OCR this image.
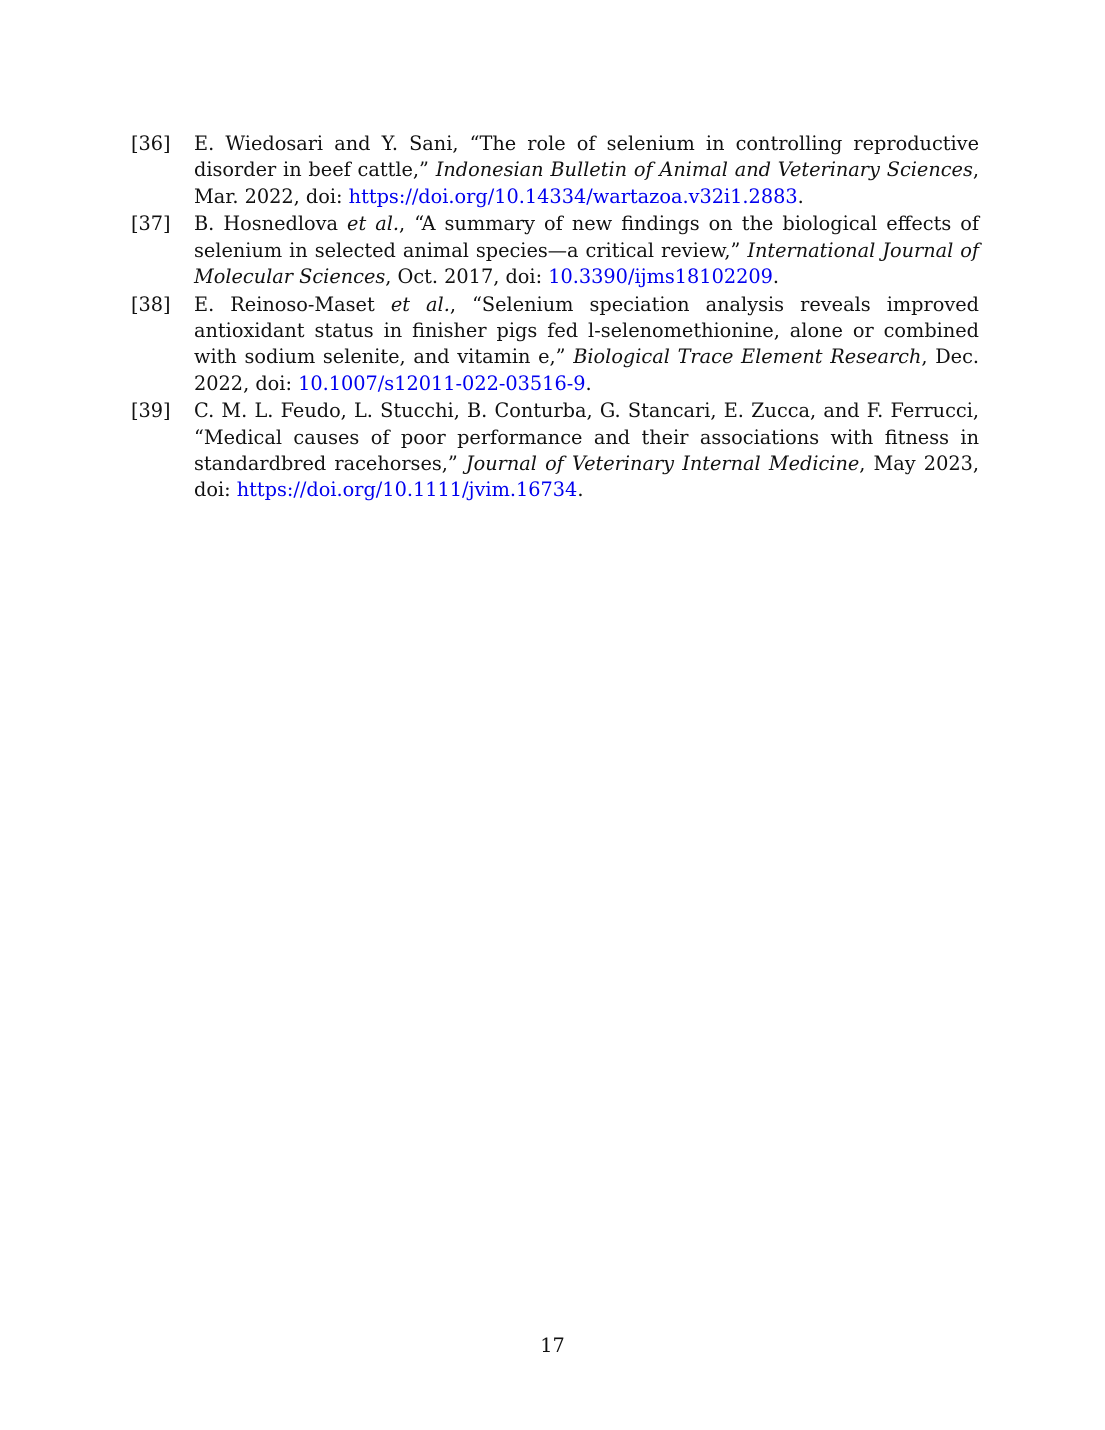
[36] E. Wiedosari and Y. Sani, “The role of selenium in controlling reproductive disorder in beef cattle,” Indonesian Bulletin of Animal and Veterinary Sciences, Mar. 2022, doi: https://doi.org/10.14334/wartazoa.v32i1.2883.
[37] B. Hosnedlova et al., “A summary of new findings on the biological effects of selenium in selected animal species—a critical review,” International Journal of Molecular Sciences, Oct. 2017, doi: 10.3390/ijms18102209.
[38] E. Reinoso-Maset et al., “Selenium speciation analysis reveals improved antioxidant status in finisher pigs fed l-selenomethionine, alone or combined with sodium selenite, and vitamin e,” Biological Trace Element Research, Dec. 2022, doi: 10.1007/s12011-022-03516-9.
[39] C. M. L. Feudo, L. Stucchi, B. Conturba, G. Stancari, E. Zucca, and F. Ferrucci, “Medical causes of poor performance and their associations with fitness in standardbred racehorses,” Journal of Veterinary Internal Medicine, May 2023, doi: https://doi.org/10.1111/jvim.16734.
17
